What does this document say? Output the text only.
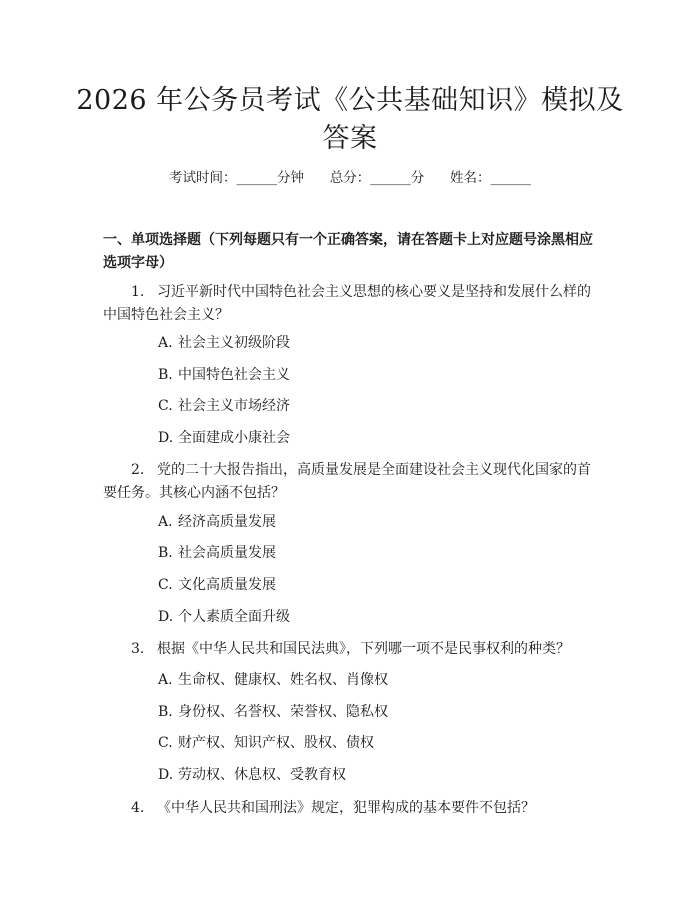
2026 年公务员考试《公共基础知识》模拟及
答案
考试时间：______分钟      总分：______分      姓名：______
一、单项选择题（下列每题只有一个正确答案，请在答题卡上对应题号涂黑相应选项字母）
1. 习近平新时代中国特色社会主义思想的核心要义是坚持和发展什么样的中国特色社会主义？
A. 社会主义初级阶段
B. 中国特色社会主义
C. 社会主义市场经济
D. 全面建成小康社会
2. 党的二十大报告指出，高质量发展是全面建设社会主义现代化国家的首要任务。其核心内涵不包括？
A. 经济高质量发展
B. 社会高质量发展
C. 文化高质量发展
D. 个人素质全面升级
3. 根据《中华人民共和国民法典》，下列哪一项不是民事权利的种类？
A. 生命权、健康权、姓名权、肖像权
B. 身份权、名誉权、荣誉权、隐私权
C. 财产权、知识产权、股权、债权
D. 劳动权、休息权、受教育权
4. 《中华人民共和国刑法》规定，犯罪构成的基本要件不包括？
